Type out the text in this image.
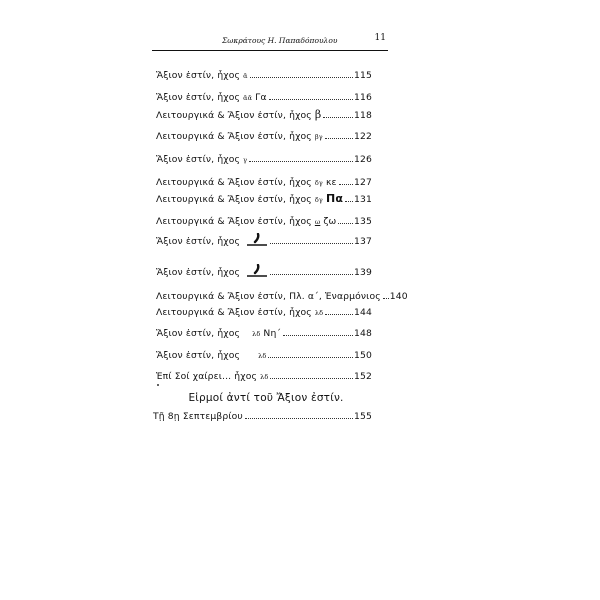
Σωκράτους Η. Παπαδόπουλου	11
Ἄξιον ἐστίν, ἦχος ᾱ	115
Ἄξιον ἐστίν, ἦχος ᾱᾱ Γα	116
Λειτουργικά & Ἄξιον ἐστίν, ἦχος β	118
Λειτουργικά & Ἄξιον ἐστίν, ἦχος βγ	122
Ἄξιον ἐστίν, ἦχος γ	126
Λειτουργικά & Ἄξιον ἐστίν, ἦχος δγ κε 127
Λειτουργικά & Ἄξιον ἐστίν, ἦχος δγ Πα 131
Λειτουργικά & Ἄξιον ἐστίν, ἦχος ω ζω 135
Ἄξιον ἐστίν, ἦχος	137
Ἄξιον ἐστίν, ἦχος	139
Λειτουργικά & Ἄξιον ἐστίν, Πλ. α΄, Ἐναρμόνιος 140
Λειτουργικά & Ἄξιον ἐστίν, ἦχος λδ	144
Ἄξιον ἐστίν, ἦχος λδ Νη΄	148
Ἄξιον ἐστίν, ἦχος	λδ	150
Ἐπί Σοί χαίρει... ἦχος λδ	152
Εἱρμοί ἀντί τοῦ Ἄξιον ἐστίν.
Τῇ 8ῃ Σεπτεμβρίου	155
